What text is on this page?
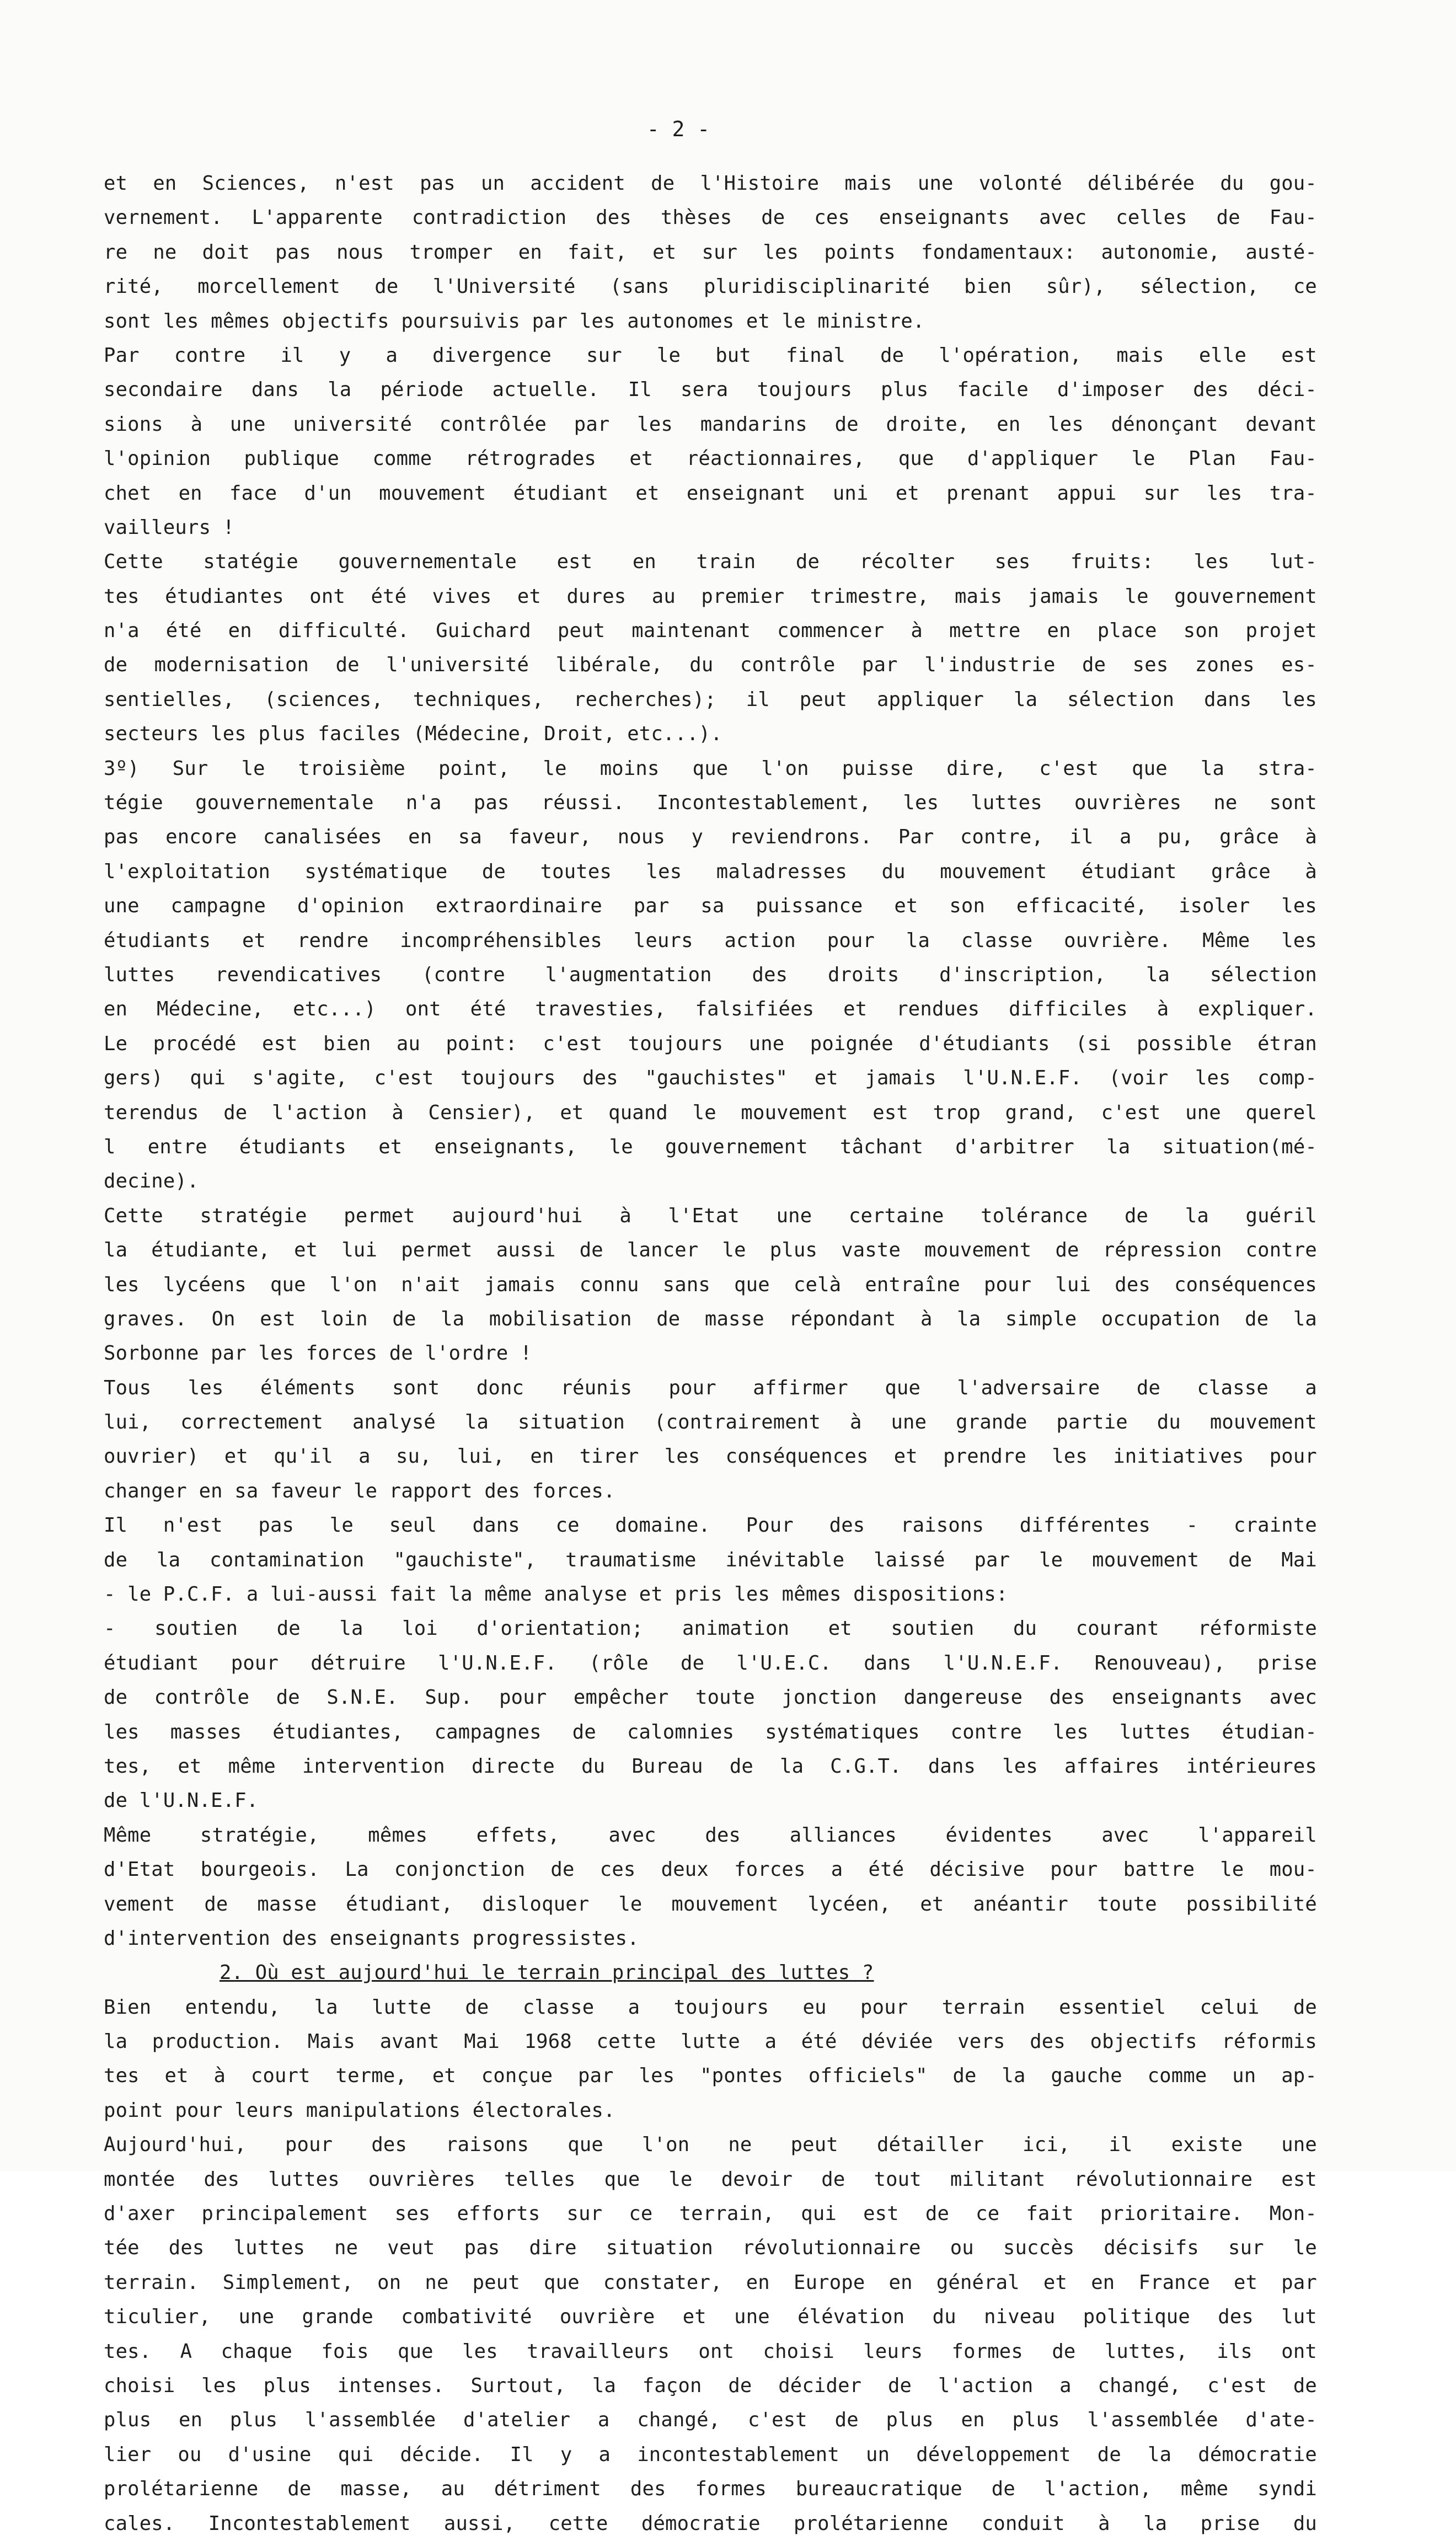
- 2 -
et en Sciences, n'est pas un accident de l'Histoire mais une volonté délibérée du gou-
vernement. L'apparente contradiction des thèses de ces enseignants avec celles de Fau-
re ne doit pas nous tromper en fait, et sur les points fondamentaux: autonomie, austé-
rité, morcellement de l'Université (sans pluridisciplinarité bien sûr), sélection, ce
sont les mêmes objectifs poursuivis par les autonomes et le ministre.
Par contre il y a divergence sur le but final de l'opération, mais elle est
secondaire dans la période actuelle. Il sera toujours plus facile d'imposer des déci-
sions à une université contrôlée par les mandarins de droite, en les dénonçant devant
l'opinion publique comme rétrogrades et réactionnaires, que d'appliquer le Plan Fau-
chet en face d'un mouvement étudiant et enseignant uni et prenant appui sur les tra-
vailleurs !
Cette statégie gouvernementale est en train de récolter ses fruits: les lut-
tes étudiantes ont été vives et dures au premier trimestre, mais jamais le gouvernement
n'a été en difficulté. Guichard peut maintenant commencer à mettre en place son projet
de modernisation de l'université libérale, du contrôle par l'industrie de ses zones es-
sentielles, (sciences, techniques, recherches); il peut appliquer la sélection dans les
secteurs les plus faciles (Médecine, Droit, etc...).
3º) Sur le troisième point, le moins que l'on puisse dire, c'est que la stra-
tégie gouvernementale n'a pas réussi. Incontestablement, les luttes ouvrières ne sont
pas encore canalisées en sa faveur, nous y reviendrons. Par contre, il a pu, grâce à
l'exploitation systématique de toutes les maladresses du mouvement étudiant grâce à
une campagne d'opinion extraordinaire par sa puissance et son efficacité, isoler les
étudiants et rendre incompréhensibles leurs action pour la classe ouvrière. Même les
luttes revendicatives (contre l'augmentation des droits d'inscription, la sélection
en Médecine, etc...) ont été travesties, falsifiées et rendues difficiles à expliquer.
Le procédé est bien au point: c'est toujours une poignée d'étudiants (si possible étran
gers) qui s'agite, c'est toujours des "gauchistes" et jamais l'U.N.E.F. (voir les comp-
terendus de l'action à Censier), et quand le mouvement est trop grand, c'est une querel
l entre étudiants et enseignants, le gouvernement tâchant d'arbitrer la situation(mé-
decine).
Cette stratégie permet aujourd'hui à l'Etat une certaine tolérance de la guéril
la étudiante, et lui permet aussi de lancer le plus vaste mouvement de répression contre
les lycéens que l'on n'ait jamais connu sans que celà entraîne pour lui des conséquences
graves. On est loin de la mobilisation de masse répondant à la simple occupation de la
Sorbonne par les forces de l'ordre !
Tous les éléments sont donc réunis pour affirmer que l'adversaire de classe a
lui, correctement analysé la situation (contrairement à une grande partie du mouvement
ouvrier) et qu'il a su, lui, en tirer les conséquences et prendre les initiatives pour
changer en sa faveur le rapport des forces.
Il n'est pas le seul dans ce domaine. Pour des raisons différentes - crainte
de la contamination "gauchiste", traumatisme inévitable laissé par le mouvement de Mai
- le P.C.F. a lui-aussi fait la même analyse et pris les mêmes dispositions:
- soutien de la loi d'orientation; animation et soutien du courant réformiste
étudiant pour détruire l'U.N.E.F. (rôle de l'U.E.C. dans l'U.N.E.F. Renouveau), prise
de contrôle de S.N.E. Sup. pour empêcher toute jonction dangereuse des enseignants avec
les masses étudiantes, campagnes de calomnies systématiques contre les luttes étudian-
tes, et même intervention directe du Bureau de la C.G.T. dans les affaires intérieures
de l'U.N.E.F.
Même stratégie, mêmes effets, avec des alliances évidentes avec l'appareil
d'Etat bourgeois. La conjonction de ces deux forces a été décisive pour battre le mou-
vement de masse étudiant, disloquer le mouvement lycéen, et anéantir toute possibilité
d'intervention des enseignants progressistes.
2. Où est aujourd'hui le terrain principal des luttes ?
Bien entendu, la lutte de classe a toujours eu pour terrain essentiel celui de
la production. Mais avant Mai 1968 cette lutte a été déviée vers des objectifs réformis
tes et à court terme, et conçue par les "pontes officiels" de la gauche comme un ap-
point pour leurs manipulations électorales.
Aujourd'hui, pour des raisons que l'on ne peut détailler ici, il existe une
montée des luttes ouvrières telles que le devoir de tout militant révolutionnaire est
d'axer principalement ses efforts sur ce terrain, qui est de ce fait prioritaire. Mon-
tée des luttes ne veut pas dire situation révolutionnaire ou succès décisifs sur le
terrain. Simplement, on ne peut que constater, en Europe en général et en France et par
ticulier, une grande combativité ouvrière et une élévation du niveau politique des lut
tes. A chaque fois que les travailleurs ont choisi leurs formes de luttes, ils ont
choisi les plus intenses. Surtout, la façon de décider de l'action a changé, c'est de
plus en plus l'assemblée d'atelier a changé, c'est de plus en plus l'assemblée d'ate-
lier ou d'usine qui décide. Il y a incontestablement un développement de la démocratie
prolétarienne de masse, au détriment des formes bureaucratique de l'action, même syndi
cales. Incontestablement aussi, cette démocratie prolétarienne conduit à la prise du
